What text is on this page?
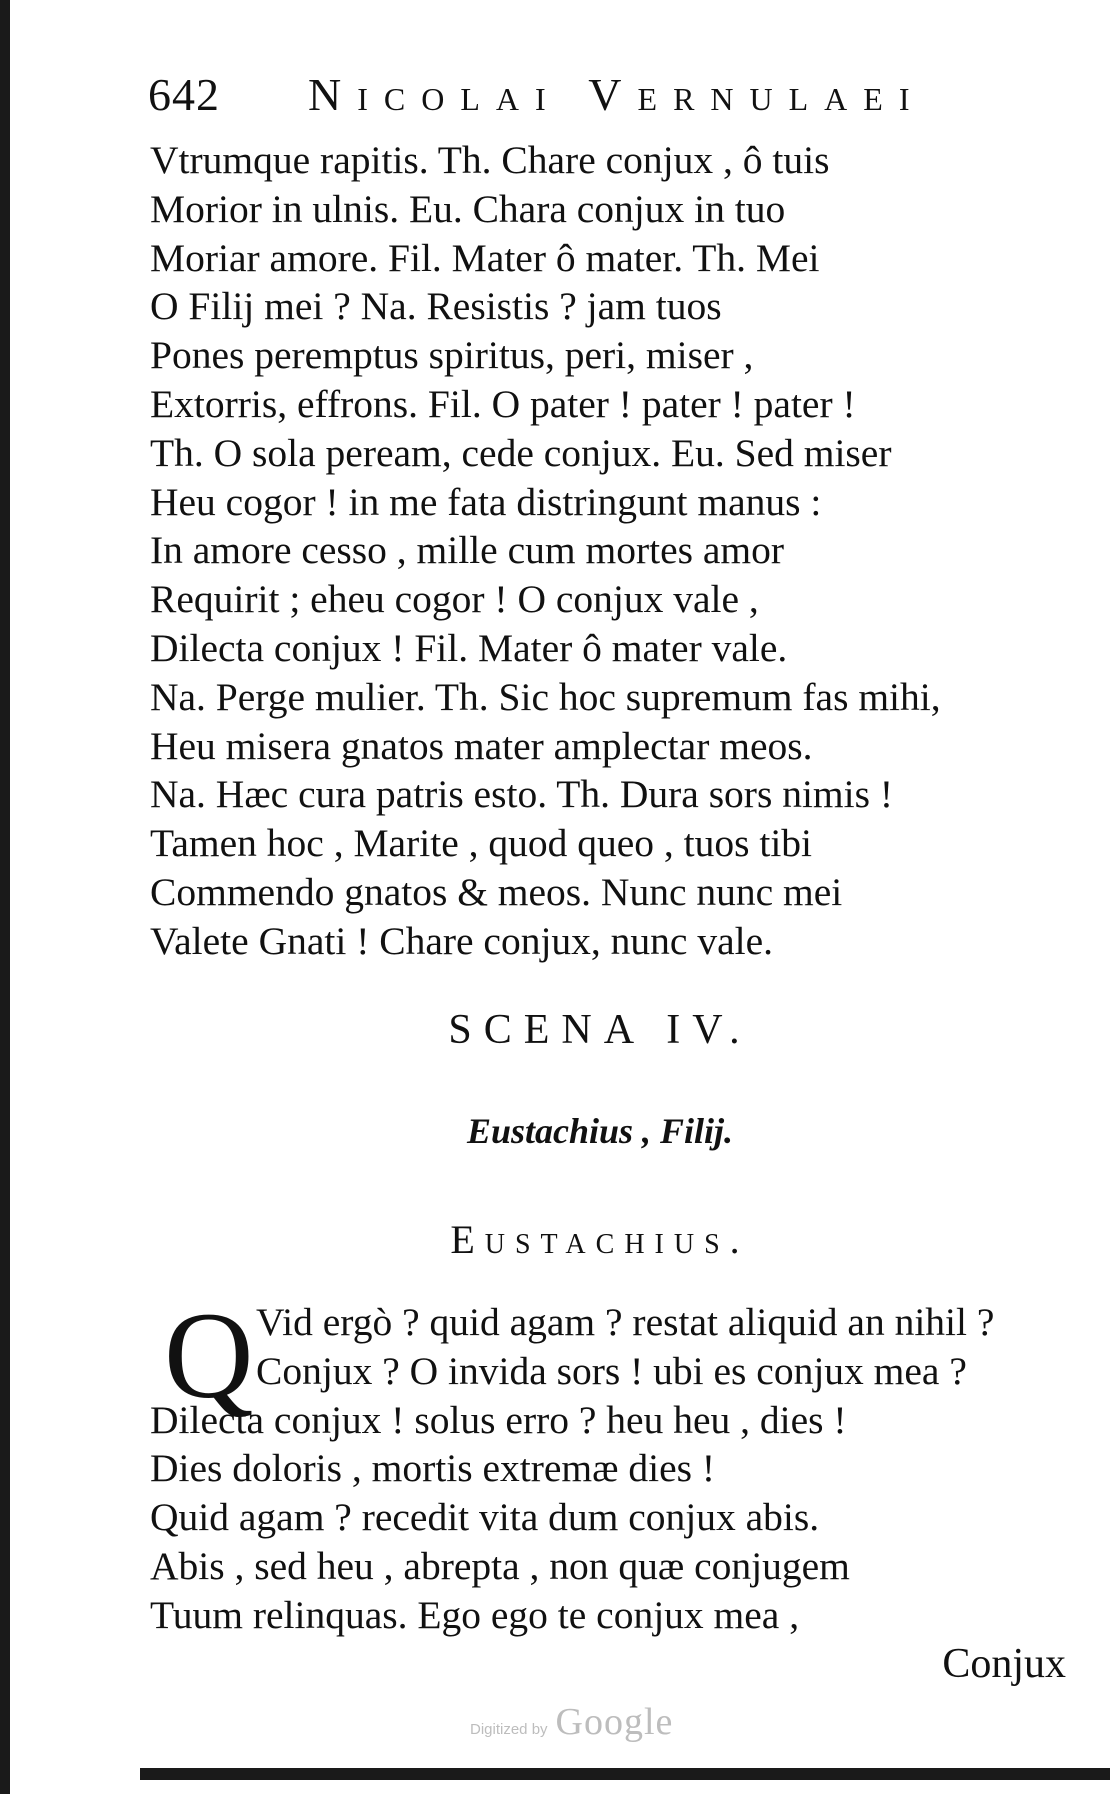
642 Nicolai Vernulaei
Vtrumque rapitis. Th. Chare conjux , ô tuis
Morior in ulnis. Eu. Chara conjux in tuo
Moriar amore. Fil. Mater ô mater. Th. Mei
O Filij mei ? Na. Resistis ? jam tuos
Pones peremptus spiritus, peri, miser ,
Extorris, effrons. Fil. O pater ! pater ! pater !
Th. O sola peream, cede conjux. Eu. Sed miser
Heu cogor ! in me fata distringunt manus :
In amore cesso , mille cum mortes amor
Requirit ; eheu cogor ! O conjux vale ,
Dilecta conjux ! Fil. Mater ô mater vale.
Na. Perge mulier. Th. Sic hoc supremum fas mihi,
Heu misera gnatos mater amplectar meos.
Na. Hæc cura patris esto. Th. Dura sors nimis !
Tamen hoc , Marite , quod queo , tuos tibi
Commendo gnatos & meos. Nunc nunc mei
Valete Gnati ! Chare conjux, nunc vale.
SCENA IV.
Eustachius , Filij.
Eustachius.
Q Vid ergò ? quid agam ? restat aliquid an nihil ?
Conjux ? O invida sors ! ubi es conjux mea ?
Dilecta conjux ! solus erro ? heu heu , dies !
Dies doloris , mortis extremæ dies !
Quid agam ? recedit vita dum conjux abis.
Abis , sed heu , abrepta , non quæ conjugem
Tuum relinquas. Ego ego te conjux mea ,
Conjux
Digitized by Google
